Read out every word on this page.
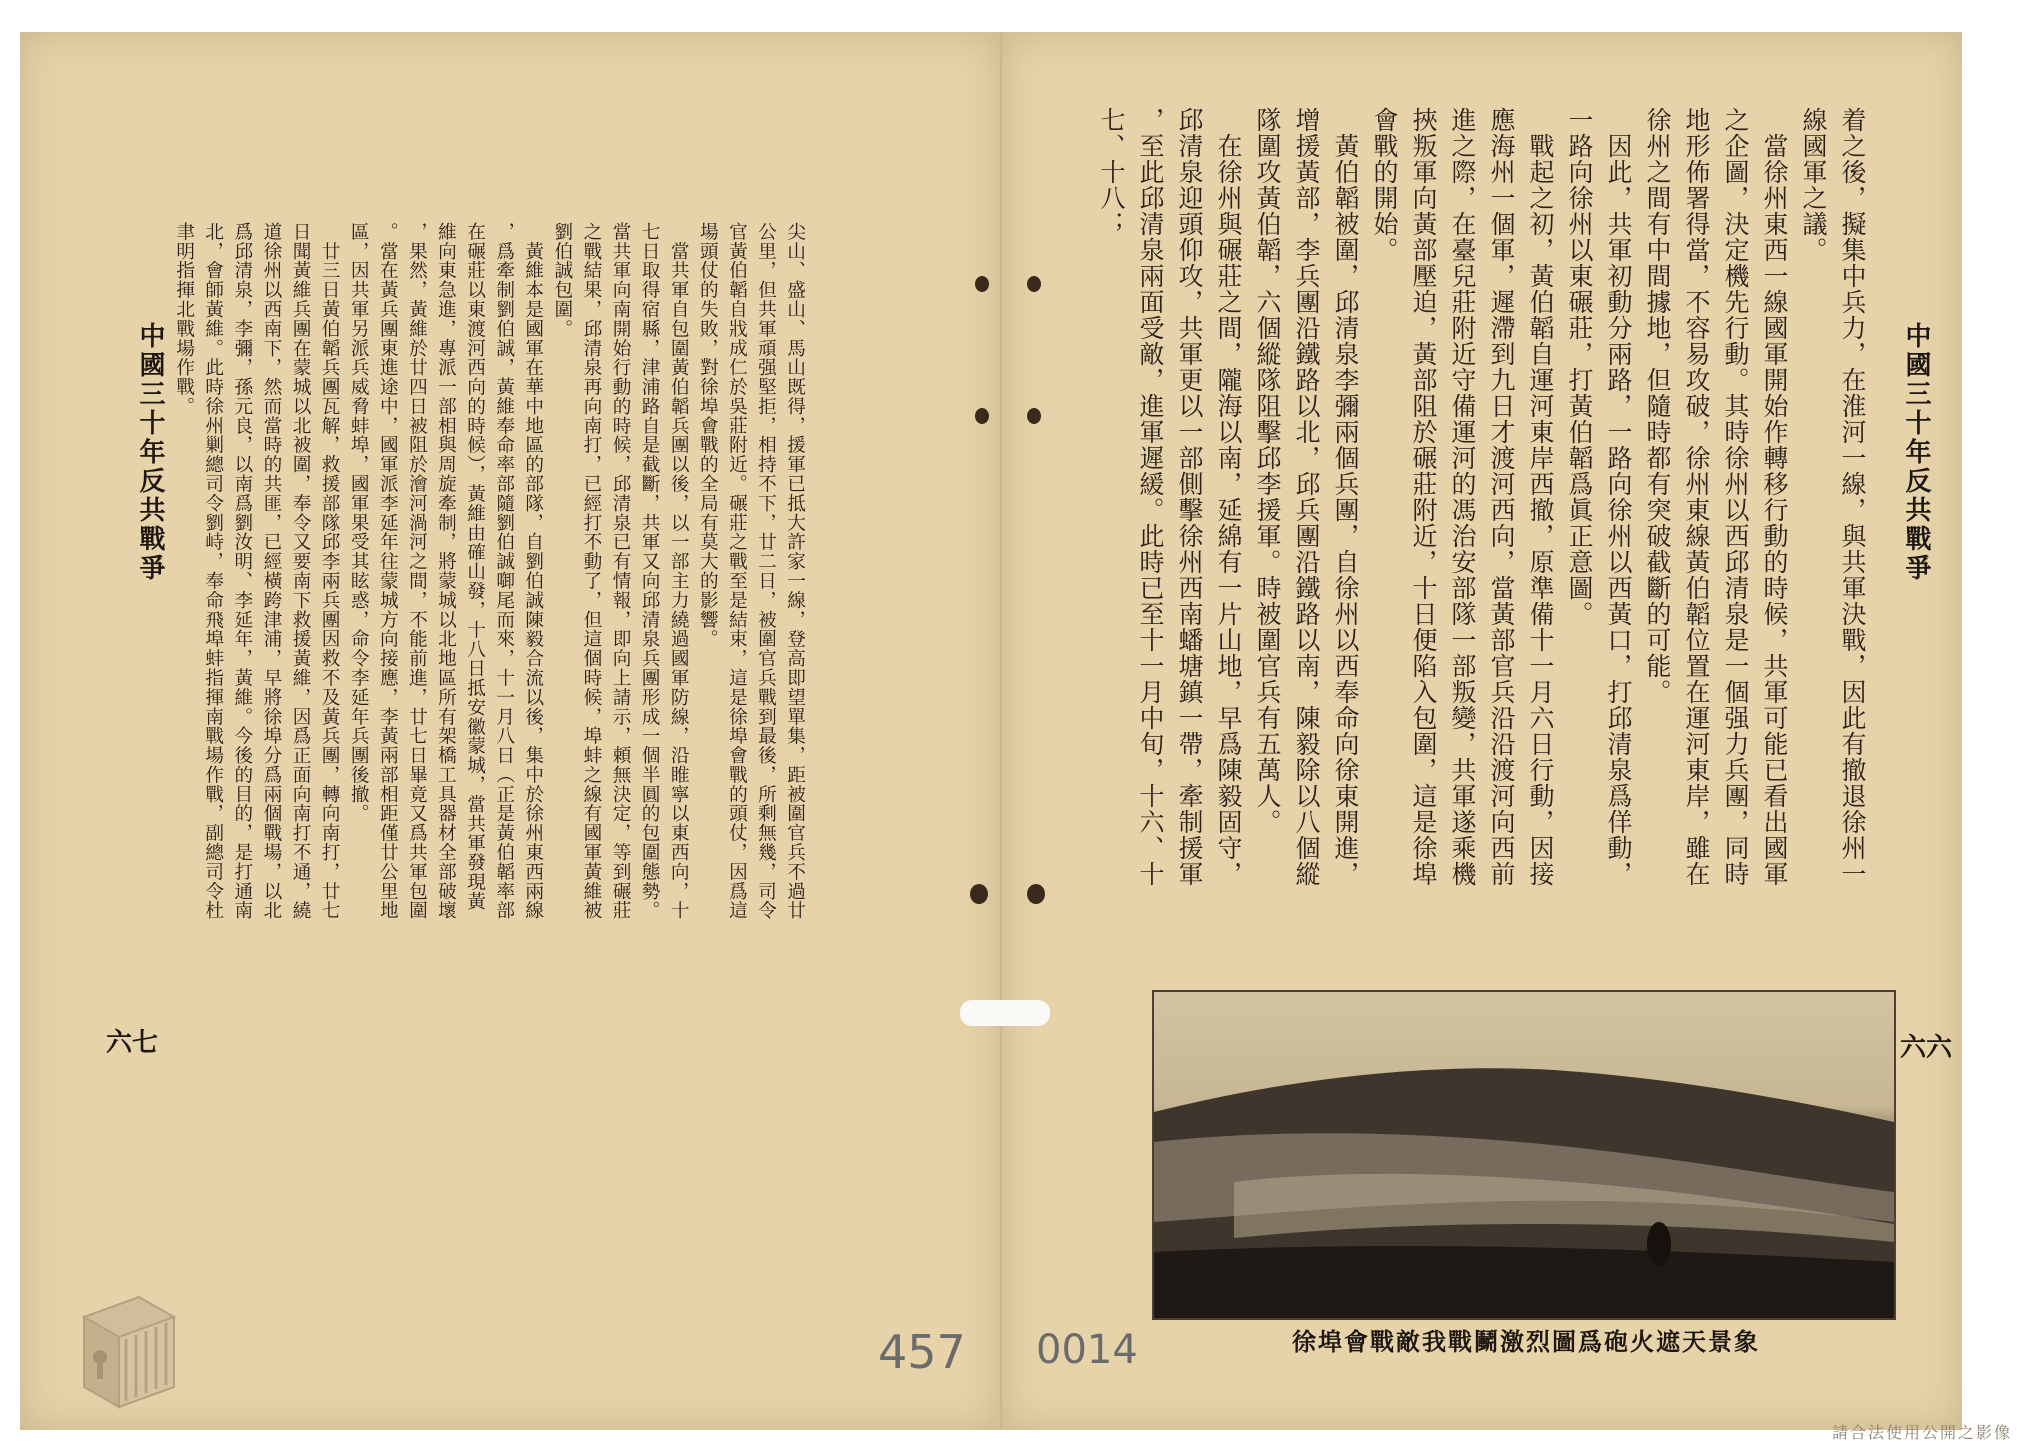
尖山、盛山、馬山既得，援軍已抵大許家一線，登高即望單集，距被圍官兵不過廿
公里，但共軍頑强堅拒，相持不下，廿二日，被圍官兵戰到最後，所剩無幾，司令
官黃伯韜自戕成仁於吳莊附近。碾莊之戰至是結束，這是徐埠會戰的頭仗，因爲這
場頭仗的失敗，對徐埠會戰的全局有莫大的影響。
　當共軍自包圍黃伯韜兵團以後，以一部主力繞過國軍防線，沿睢寧以東西向，十
七日取得宿縣，津浦路自是截斷，共軍又向邱清泉兵團形成一個半圓的包圍態勢。
當共軍向南開始行動的時候，邱清泉已有情報，即向上請示，頼無決定，等到碾莊
之戰結果，邱清泉再向南打，已經打不動了，但這個時候，埠蚌之線有國軍黃維被
劉伯誠包圍。
　黃維本是國軍在華中地區的部隊，自劉伯誠陳毅合流以後，集中於徐州東西兩線
，爲牽制劉伯誠，黃維奉命率部隨劉伯誠啣尾而來，十一月八日（正是黃伯韜率部
在碾莊以東渡河西向的時候），黃維由確山發，十八日抵安徽蒙城，當共軍發現黃
維向東急進，專派一部相與周旋牽制，將蒙城以北地區所有架橋工具器材全部破壞
，果然，黃維於廿四日被阻於澮河渦河之間，不能前進，廿七日畢竟又爲共軍包圍
。當在黃兵團東進途中，國軍派李延年往蒙城方向接應，李黃兩部相距僅廿公里地
區，因共軍另派兵威脅蚌埠，國軍果受其眩惑，命令李延年兵團後撤。
　廿三日黃伯韜兵團瓦解，救援部隊邱李兩兵團因救不及黃兵團，轉向南打，廿七
日聞黃維兵團在蒙城以北被圍，奉令又要南下救援黃維，因爲正面向南打不通，繞
道徐州以西南下，然而當時的共匪，已經橫跨津浦，早將徐埠分爲兩個戰場，以北
爲邱清泉，李彌，孫元良，以南爲劉汝明、李延年，黃維。今後的目的，是打通南
北，會師黃維。此時徐州剿總司令劉峙，奉命飛埠蚌指揮南戰場作戰，副總司令杜
聿明指揮北戰場作戰。
中國三十年反共戰爭
六七
着之後，擬集中兵力，在淮河一線，與共軍決戰，因此有撤退徐州一
線國軍之議。
　當徐州東西一線國軍開始作轉移行動的時候，共軍可能已看出國軍
之企圖，決定機先行動。其時徐州以西邱清泉是一個强力兵團，同時
地形佈署得當，不容易攻破，徐州東線黃伯韜位置在運河東岸，雖在
徐州之間有中間據地，但隨時都有突破截斷的可能。
　因此，共軍初動分兩路，一路向徐州以西黃口，打邱清泉爲佯動，
一路向徐州以東碾莊，打黃伯韜爲眞正意圖。
　戰起之初，黃伯韜自運河東岸西撤，原準備十一月六日行動，因接
應海州一個軍，遲滯到九日才渡河西向，當黃部官兵沿沿渡河向西前
進之際，在臺兒莊附近守備運河的馮治安部隊一部叛變，共軍遂乘機
挾叛軍向黃部壓迫，黃部阻於碾莊附近，十日便陷入包圍，這是徐埠
會戰的開始。
　黃伯韜被圍，邱清泉李彌兩個兵團，自徐州以西奉命向徐東開進，
增援黃部，李兵團沿鐵路以北，邱兵團沿鐵路以南，陳毅除以八個縱
隊圍攻黃伯韜，六個縱隊阻擊邱李援軍。時被圍官兵有五萬人。
　在徐州與碾莊之間，隴海以南，延綿有一片山地，早爲陳毅固守，
邱清泉迎頭仰攻，共軍更以一部側擊徐州西南蟠塘鎮一帶，牽制援軍
，至此邱清泉兩面受敵，進軍遲緩。此時已至十一月中旬，十六、十
七、十八；
中國三十年反共戰爭
六六
徐埠會戰敵我戰鬭激烈圖爲砲火遮天景象
457 0014
請合法使用公開之影像
